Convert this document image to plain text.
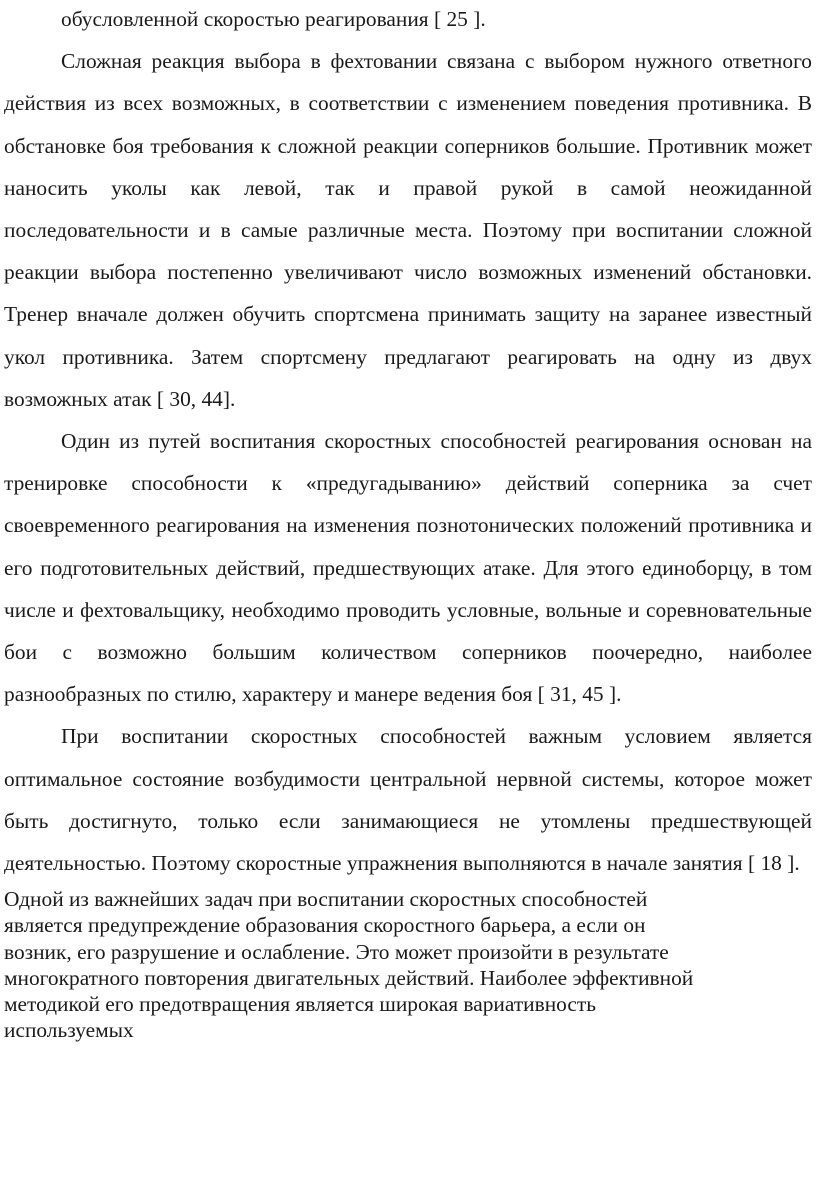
обусловленной скоростью реагирования [ 25 ].

Сложная реакция выбора в фехтовании связана с выбором нужного ответного действия из всех возможных, в соответствии с изменением поведения противника. В обстановке боя требования к сложной реакции соперников большие. Противник может наносить уколы как левой, так и правой рукой в самой неожиданной последовательности и в самые различные места. Поэтому при воспитании сложной реакции выбора постепенно увеличивают число возможных изменений обстановки. Тренер вначале должен обучить спортсмена принимать защиту на заранее известный укол противника. Затем спортсмену предлагают реагировать на одну из двух возможных атак [ 30, 44].

Один из путей воспитания скоростных способностей реагирования основан на тренировке способности к «предугадыванию» действий соперника за счет своевременного реагирования на изменения познотонических положений противника и его подготовительных действий, предшествующих атаке. Для этого единоборцу, в том числе и фехтовальщику, необходимо проводить условные, вольные и соревновательные бои с возможно большим количеством соперников поочередно, наиболее разнообразных по стилю, характеру и манере ведения боя [ 31, 45 ].

При воспитании скоростных способностей важным условием является оптимальное состояние возбудимости центральной нервной системы, которое может быть достигнуто, только если занимающиеся не утомлены предшествующей деятельностью. Поэтому скоростные упражнения выполняются в начале занятия [ 18 ].

Одной из важнейших задач при воспитании скоростных способностей
является предупреждение образования скоростного барьера, а если он
возник, его разрушение и ослабление. Это может произойти в результате
многократного повторения двигательных действий. Наиболее эффективной
методикой его предотвращения является широкая вариативность
используемых
